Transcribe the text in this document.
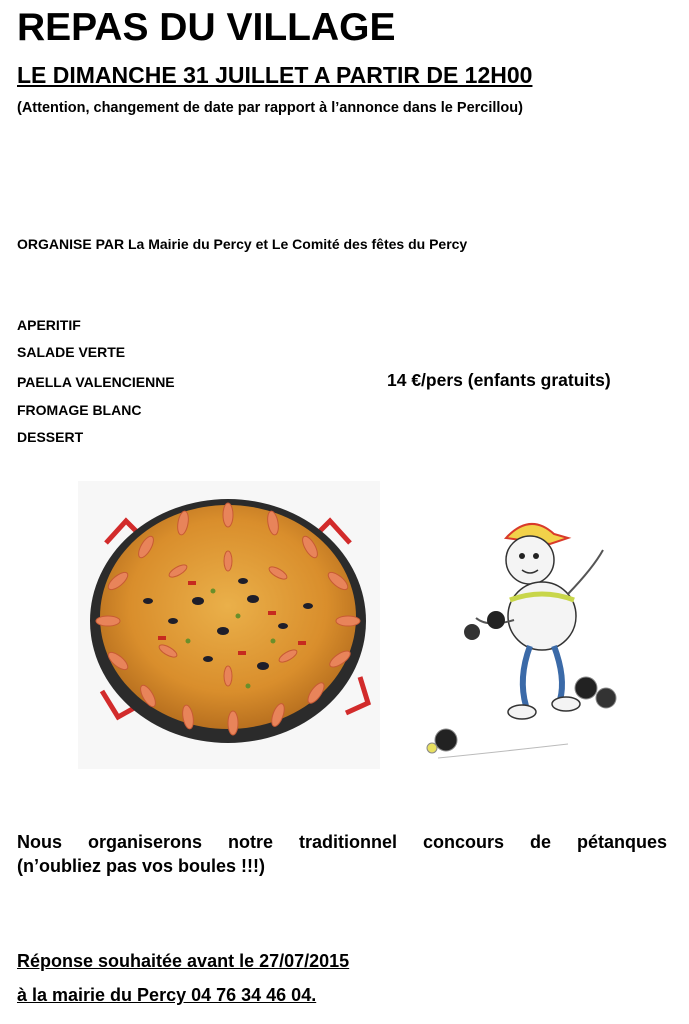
REPAS DU VILLAGE

LE DIMANCHE 31 JUILLET A PARTIR DE 12H00

(Attention, changement de date par rapport à l’annonce dans le Percillou)

ORGANISE PAR La Mairie du Percy et Le Comité des fêtes du Percy

APERITIF

SALADE VERTE

PAELLA VALENCIENNE

FROMAGE BLANC

DESSERT

14 €/pers (enfants gratuits)

Nous organiserons notre traditionnel concours de pétanques
(n’oubliez pas vos boules !!!)

Réponse souhaitée avant le 27/07/2015

à la mairie du Percy 04 76 34 46 04.
